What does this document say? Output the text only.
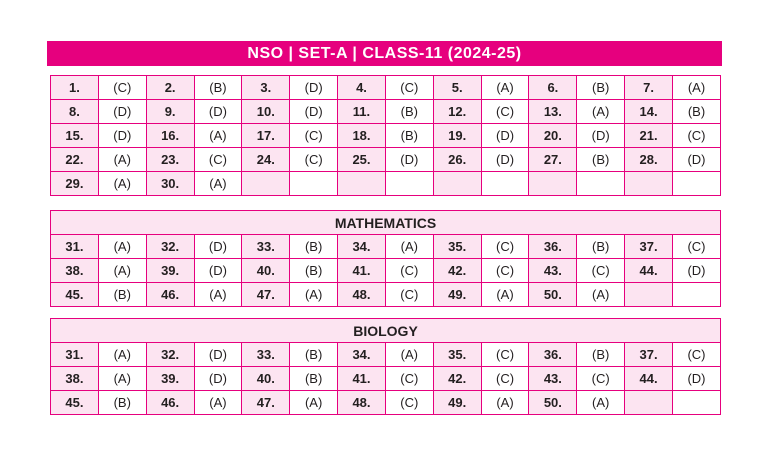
NSO | SET-A | CLASS-11 (2024-25)
1.	(C)	2.	(B)	3.	(D)	4.	(C)	5.	(A)	6.	(B)	7.	(A)
8.	(D)	9.	(D)	10.	(D)	11.	(B)	12.	(C)	13.	(A)	14.	(B)
15.	(D)	16.	(A)	17.	(C)	18.	(B)	19.	(D)	20.	(D)	21.	(C)
22.	(A)	23.	(C)	24.	(C)	25.	(D)	26.	(D)	27.	(B)	28.	(D)
29.	(A)	30.	(A)										
MATHEMATICS													
31.	(A)	32.	(D)	33.	(B)	34.	(A)	35.	(C)	36.	(B)	37.	(C)
38.	(A)	39.	(D)	40.	(B)	41.	(C)	42.	(C)	43.	(C)	44.	(D)
45.	(B)	46.	(A)	47.	(A)	48.	(C)	49.	(A)	50.	(A)		
BIOLOGY													
31.	(A)	32.	(D)	33.	(B)	34.	(A)	35.	(C)	36.	(B)	37.	(C)
38.	(A)	39.	(D)	40.	(B)	41.	(C)	42.	(C)	43.	(C)	44.	(D)
45.	(B)	46.	(A)	47.	(A)	48.	(C)	49.	(A)	50.	(A)		
